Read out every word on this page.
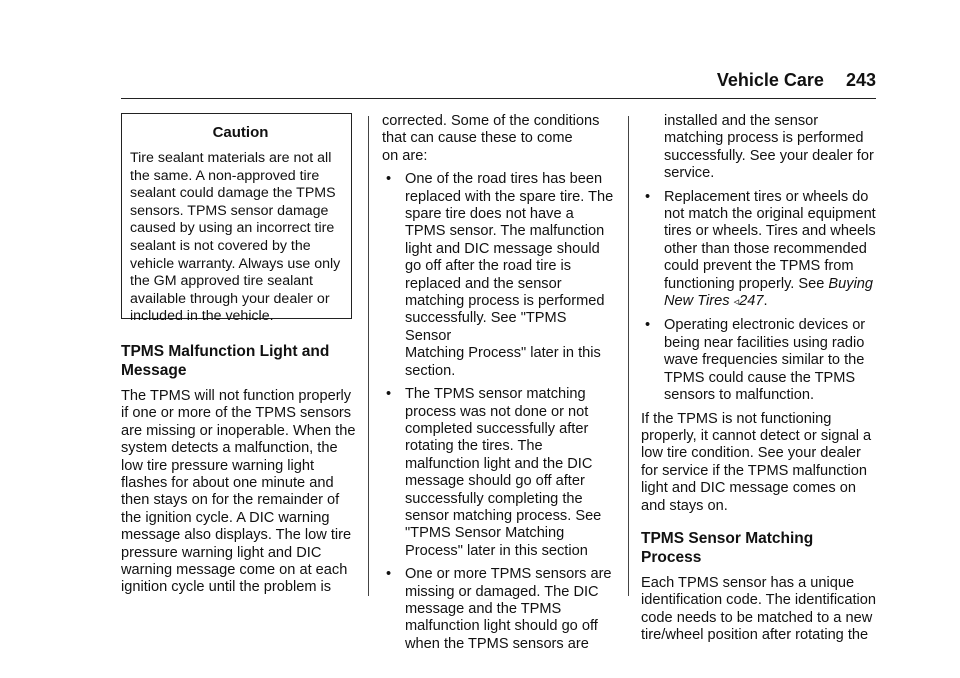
Vehicle Care 243
Caution
Tire sealant materials are not all
the same. A non-approved tire
sealant could damage the TPMS
sensors. TPMS sensor damage
caused by using an incorrect tire
sealant is not covered by the
vehicle warranty. Always use only
the GM approved tire sealant
available through your dealer or
included in the vehicle.
TPMS Malfunction Light and
Message

The TPMS will not function properly
if one or more of the TPMS sensors
are missing or inoperable. When the
system detects a malfunction, the
low tire pressure warning light
flashes for about one minute and
then stays on for the remainder of
the ignition cycle. A DIC warning
message also displays. The low tire
pressure warning light and DIC
warning message come on at each
ignition cycle until the problem is

corrected. Some of the conditions
that can cause these to come
on are:

• One of the road tires has been
replaced with the spare tire. The
spare tire does not have a
TPMS sensor. The malfunction
light and DIC message should
go off after the road tire is
replaced and the sensor
matching process is performed
successfully. See "TPMS Sensor
Matching Process" later in this
section.
• The TPMS sensor matching
process was not done or not
completed successfully after
rotating the tires. The
malfunction light and the DIC
message should go off after
successfully completing the
sensor matching process. See
"TPMS Sensor Matching
Process" later in this section
• One or more TPMS sensors are
missing or damaged. The DIC
message and the TPMS
malfunction light should go off
when the TPMS sensors are
installed and the sensor
matching process is performed
successfully. See your dealer for
service.
• Replacement tires or wheels do
not match the original equipment
tires or wheels. Tires and wheels
other than those recommended
could prevent the TPMS from
functioning properly. See Buying
New Tires ◃247.
• Operating electronic devices or
being near facilities using radio
wave frequencies similar to the
TPMS could cause the TPMS
sensors to malfunction.

If the TPMS is not functioning
properly, it cannot detect or signal a
low tire condition. See your dealer
for service if the TPMS malfunction
light and DIC message comes on
and stays on.

TPMS Sensor Matching
Process

Each TPMS sensor has a unique
identification code. The identification
code needs to be matched to a new
tire/wheel position after rotating the
